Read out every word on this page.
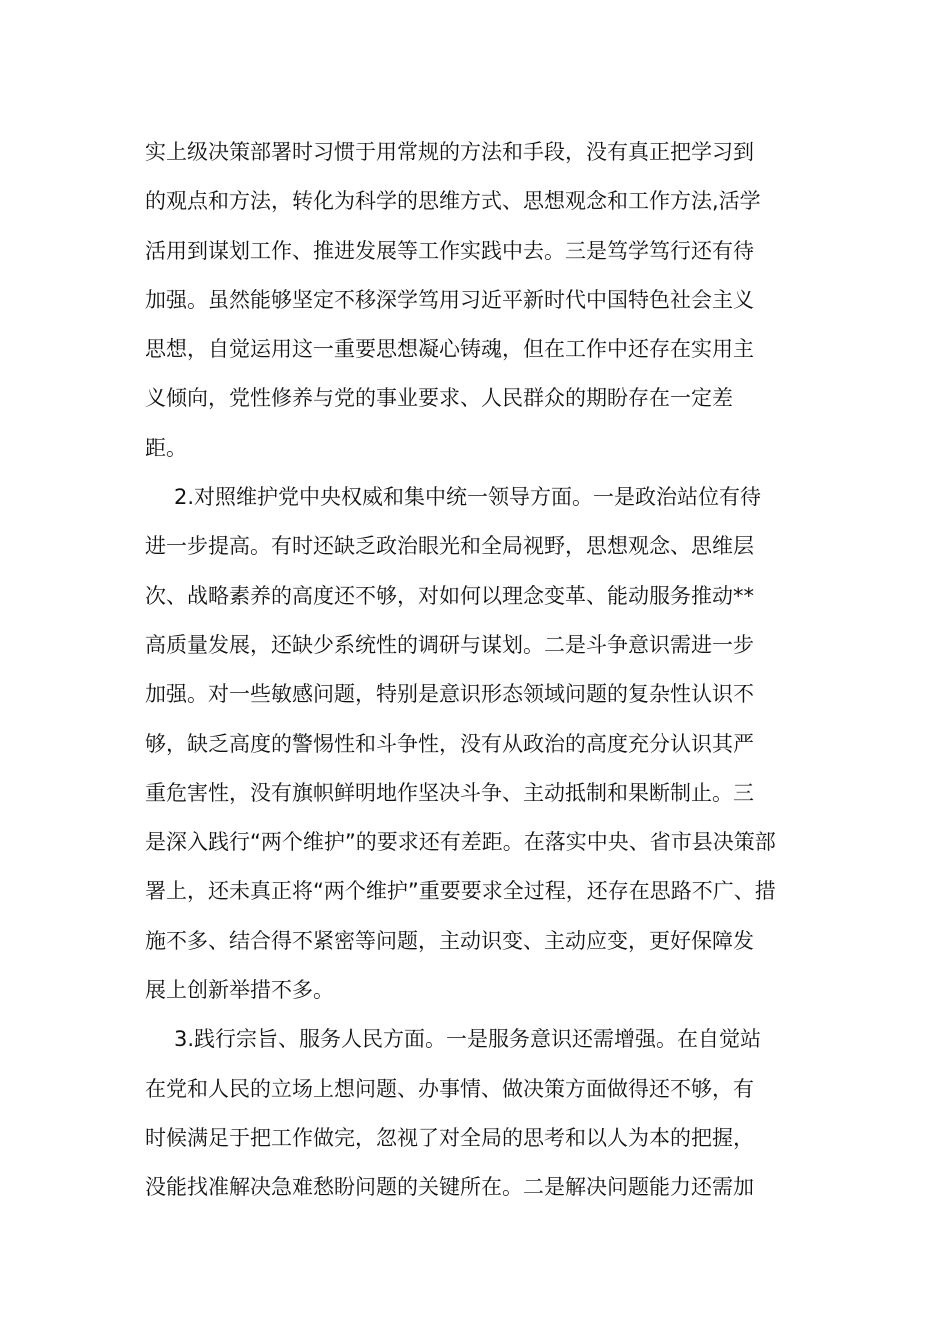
实上级决策部署时习惯于用常规的方法和手段，没有真正把学习到
的观点和方法，转化为科学的思维方式、思想观念和工作方法,活学
活用到谋划工作、推进发展等工作实践中去。三是笃学笃行还有待
加强。虽然能够坚定不移深学笃用习近平新时代中国特色社会主义
思想，自觉运用这一重要思想凝心铸魂，但在工作中还存在实用主
义倾向，党性修养与党的事业要求、人民群众的期盼存在一定差
距。
2.对照维护党中央权威和集中统一领导方面。一是政治站位有待
进一步提高。有时还缺乏政治眼光和全局视野，思想观念、思维层
次、战略素养的高度还不够，对如何以理念变革、能动服务推动**
高质量发展，还缺少系统性的调研与谋划。二是斗争意识需进一步
加强。对一些敏感问题，特别是意识形态领域问题的复杂性认识不
够，缺乏高度的警惕性和斗争性，没有从政治的高度充分认识其严
重危害性，没有旗帜鲜明地作坚决斗争、主动抵制和果断制止。三
是深入践行“两个维护”的要求还有差距。在落实中央、省市县决策部
署上，还未真正将“两个维护”重要要求全过程，还存在思路不广、措
施不多、结合得不紧密等问题，主动识变、主动应变，更好保障发
展上创新举措不多。
3.践行宗旨、服务人民方面。一是服务意识还需增强。在自觉站
在党和人民的立场上想问题、办事情、做决策方面做得还不够，有
时候满足于把工作做完，忽视了对全局的思考和以人为本的把握，
没能找准解决急难愁盼问题的关键所在。二是解决问题能力还需加
